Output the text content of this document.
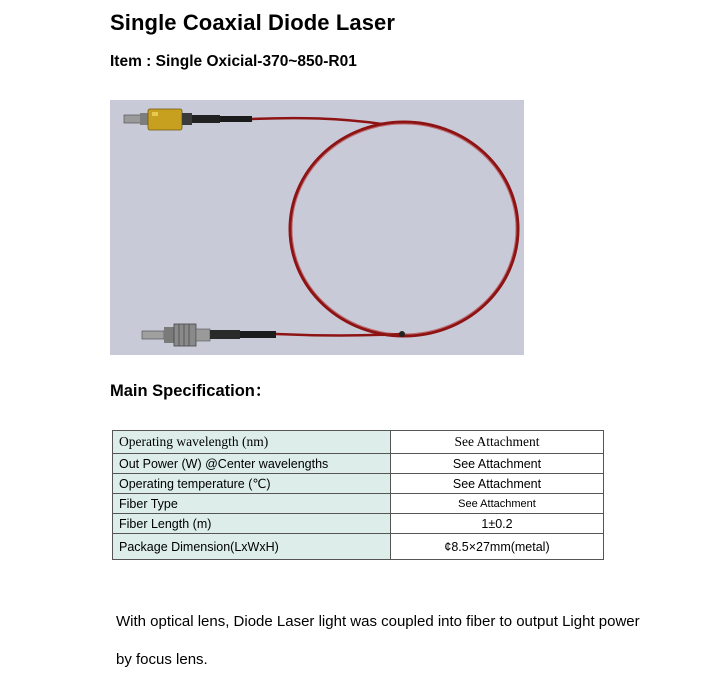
Single Coaxial Diode Laser
Item : Single Oxicial-370~850-R01
Main Specification：
Operating wavelength (nm)	See Attachment
Out Power (W) @Center wavelengths	See Attachment
Operating temperature (℃)	See Attachment
Fiber Type	See Attachment
Fiber Length (m)	1±0.2
Package Dimension(LxWxH)	¢8.5×27mm(metal)
With optical lens, Diode Laser light was coupled into fiber to output Light power by focus lens.
